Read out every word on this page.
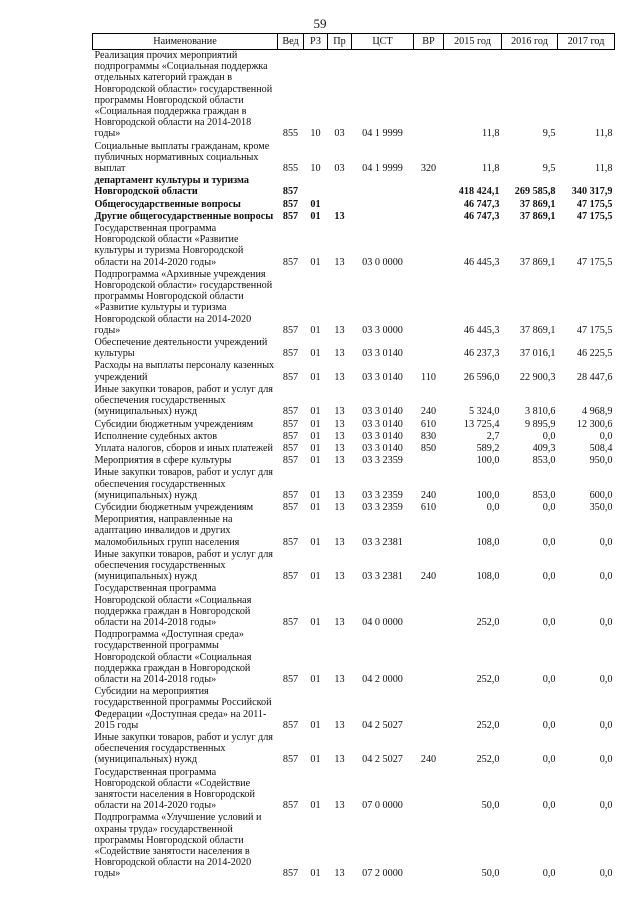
59
Наименование	Вед	РЗ	Пр	ЦСТ	ВР	2015 год	2016 год	2017 год
Реализация прочих мероприятий подпрограммы «Социальная поддержка отдельных категорий граждан в Новгородской области» государственной программы Новгородской области «Социальная поддержка граждан в Новгородской области на 2014-2018 годы»	855	10	03	04 1 9999		11,8	9,5	11,8
Социальные выплаты гражданам, кроме публичных нормативных социальных выплат	855	10	03	04 1 9999	320	11,8	9,5	11,8
департамент культуры и туризма Новгородской области	857					418 424,1	269 585,8	340 317,9
Общегосударственные вопросы	857	01				46 747,3	37 869,1	47 175,5
Другие общегосударственные вопросы	857	01	13			46 747,3	37 869,1	47 175,5
Государственная программа Новгородской области «Развитие культуры и туризма Новгородской области на 2014-2020 годы»	857	01	13	03 0 0000		46 445,3	37 869,1	47 175,5
Подпрограмма «Архивные учреждения Новгородской области» государственной программы Новгородской области «Развитие культуры и туризма Новгородской области на 2014-2020 годы»	857	01	13	03 3 0000		46 445,3	37 869,1	47 175,5
Обеспечение деятельности учреждений культуры	857	01	13	03 3 0140		46 237,3	37 016,1	46 225,5
Расходы на выплаты персоналу казенных учреждений	857	01	13	03 3 0140	110	26 596,0	22 900,3	28 447,6
Иные закупки товаров, работ и услуг для обеспечения государственных (муниципальных) нужд	857	01	13	03 3 0140	240	5 324,0	3 810,6	4 968,9
Субсидии бюджетным учреждениям	857	01	13	03 3 0140	610	13 725,4	9 895,9	12 300,6
Исполнение судебных актов	857	01	13	03 3 0140	830	2,7	0,0	0,0
Уплата налогов, сборов и иных платежей	857	01	13	03 3 0140	850	589,2	409,3	508,4
Мероприятия в сфере культуры	857	01	13	03 3 2359		100,0	853,0	950,0
Иные закупки товаров, работ и услуг для обеспечения государственных (муниципальных) нужд	857	01	13	03 3 2359	240	100,0	853,0	600,0
Субсидии бюджетным учреждениям	857	01	13	03 3 2359	610	0,0	0,0	350,0
Мероприятия, направленные на адаптацию инвалидов и других маломобильных групп населения	857	01	13	03 3 2381		108,0	0,0	0,0
Иные закупки товаров, работ и услуг для обеспечения государственных (муниципальных) нужд	857	01	13	03 3 2381	240	108,0	0,0	0,0
Государственная программа Новгородской области «Социальная поддержка граждан в Новгородской области на 2014-2018 годы»	857	01	13	04 0 0000		252,0	0,0	0,0
Подпрограмма «Доступная среда» государственной программы Новгородской области «Социальная поддержка граждан в Новгородской области на 2014-2018 годы»	857	01	13	04 2 0000		252,0	0,0	0,0
Субсидии на мероприятия государственной программы Российской Федерации «Доступная среда» на 2011-2015 годы	857	01	13	04 2 5027		252,0	0,0	0,0
Иные закупки товаров, работ и услуг для обеспечения государственных (муниципальных) нужд	857	01	13	04 2 5027	240	252,0	0,0	0,0
Государственная программа Новгородской области «Содействие занятости населения в Новгородской области на 2014-2020 годы»	857	01	13	07 0 0000		50,0	0,0	0,0
Подпрограмма «Улучшение условий и охраны труда» государственной программы Новгородской области «Содействие занятости населения в Новгородской области на 2014-2020 годы»	857	01	13	07 2 0000		50,0	0,0	0,0
